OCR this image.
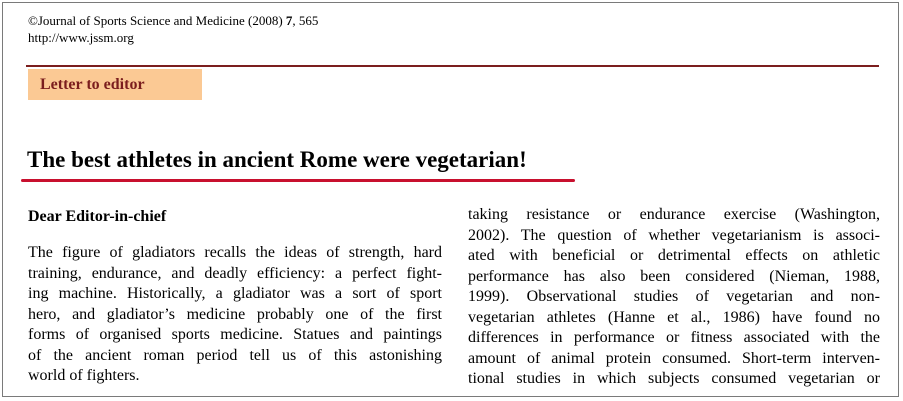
©Journal of Sports Science and Medicine (2008) 7, 565
http://www.jssm.org
Letter to editor
The best athletes in ancient Rome were vegetarian!
Dear Editor-in-chief
The figure of gladiators recalls the ideas of strength, hard
training, endurance, and deadly efficiency: a perfect fight-
ing machine. Historically, a gladiator was a sort of sport
hero, and gladiator’s medicine probably one of the first
forms of organised sports medicine. Statues and paintings
of the ancient roman period tell us of this astonishing
world of fighters.
taking resistance or endurance exercise (Washington,
2002). The question of whether vegetarianism is associ-
ated with beneficial or detrimental effects on athletic
performance has also been considered (Nieman, 1988,
1999). Observational studies of vegetarian and non-
vegetarian athletes (Hanne et al., 1986) have found no
differences in performance or fitness associated with the
amount of animal protein consumed. Short-term interven-
tional studies in which subjects consumed vegetarian or
